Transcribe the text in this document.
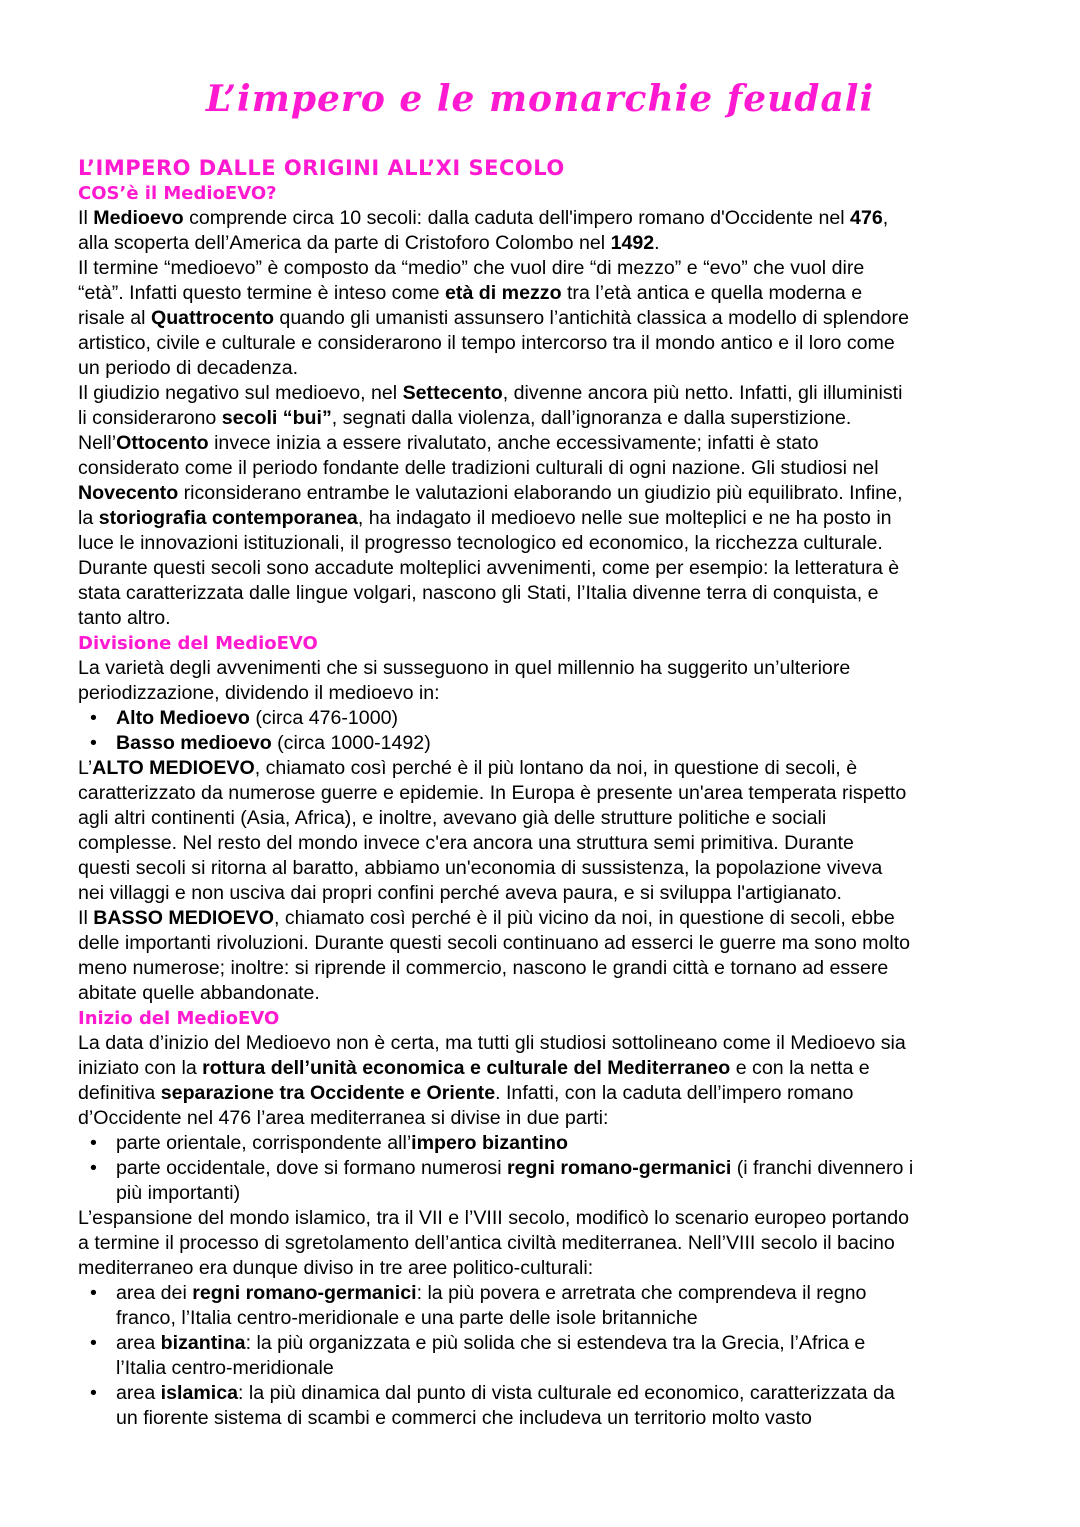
L’impero e le monarchie feudali
L’IMPERO DALLE ORIGINI ALL’XI SECOLO
COS’è il MedioEVO?
Il Medioevo comprende circa 10 secoli: dalla caduta dell'impero romano d'Occidente nel 476,
alla scoperta dell’America da parte di Cristoforo Colombo nel 1492.
Il termine “medioevo” è composto da “medio” che vuol dire “di mezzo” e “evo” che vuol dire
“età”. Infatti questo termine è inteso come età di mezzo tra l’età antica e quella moderna e
risale al Quattrocento quando gli umanisti assunsero l’antichità classica a modello di splendore
artistico, civile e culturale e considerarono il tempo intercorso tra il mondo antico e il loro come
un periodo di decadenza.
Il giudizio negativo sul medioevo, nel Settecento, divenne ancora più netto. Infatti, gli illuministi
li considerarono secoli “bui”, segnati dalla violenza, dall’ignoranza e dalla superstizione.
Nell’Ottocento invece inizia a essere rivalutato, anche eccessivamente; infatti è stato
considerato come il periodo fondante delle tradizioni culturali di ogni nazione. Gli studiosi nel
Novecento riconsiderano entrambe le valutazioni elaborando un giudizio più equilibrato. Infine,
la storiografia contemporanea, ha indagato il medioevo nelle sue molteplici e ne ha posto in
luce le innovazioni istituzionali, il progresso tecnologico ed economico, la ricchezza culturale.
Durante questi secoli sono accadute molteplici avvenimenti, come per esempio: la letteratura è
stata caratterizzata dalle lingue volgari, nascono gli Stati, l’Italia divenne terra di conquista, e
tanto altro.
Divisione del MedioEVO
La varietà degli avvenimenti che si susseguono in quel millennio ha suggerito un’ulteriore
periodizzazione, dividendo il medioevo in:
• Alto Medioevo (circa 476-1000)
• Basso medioevo (circa 1000-1492)
L’ALTO MEDIOEVO, chiamato così perché è il più lontano da noi, in questione di secoli, è
caratterizzato da numerose guerre e epidemie. In Europa è presente un'area temperata rispetto
agli altri continenti (Asia, Africa), e inoltre, avevano già delle strutture politiche e sociali
complesse. Nel resto del mondo invece c'era ancora una struttura semi primitiva. Durante
questi secoli si ritorna al baratto, abbiamo un'economia di sussistenza, la popolazione viveva
nei villaggi e non usciva dai propri confini perché aveva paura, e si sviluppa l'artigianato.
Il BASSO MEDIOEVO, chiamato così perché è il più vicino da noi, in questione di secoli, ebbe
delle importanti rivoluzioni. Durante questi secoli continuano ad esserci le guerre ma sono molto
meno numerose; inoltre: si riprende il commercio, nascono le grandi città e tornano ad essere
abitate quelle abbandonate.
Inizio del MedioEVO
La data d’inizio del Medioevo non è certa, ma tutti gli studiosi sottolineano come il Medioevo sia
iniziato con la rottura dell’unità economica e culturale del Mediterraneo e con la netta e
definitiva separazione tra Occidente e Oriente. Infatti, con la caduta dell’impero romano
d’Occidente nel 476 l’area mediterranea si divise in due parti:
• parte orientale, corrispondente all’impero bizantino
• parte occidentale, dove si formano numerosi regni romano-germanici (i franchi divennero i
più importanti)
L’espansione del mondo islamico, tra il VII e l’VIII secolo, modificò lo scenario europeo portando
a termine il processo di sgretolamento dell’antica civiltà mediterranea. Nell’VIII secolo il bacino
mediterraneo era dunque diviso in tre aree politico-culturali:
• area dei regni romano-germanici: la più povera e arretrata che comprendeva il regno
franco, l’Italia centro-meridionale e una parte delle isole britanniche
• area bizantina: la più organizzata e più solida che si estendeva tra la Grecia, l’Africa e
l’Italia centro-meridionale
• area islamica: la più dinamica dal punto di vista culturale ed economico, caratterizzata da
un fiorente sistema di scambi e commerci che includeva un territorio molto vasto
